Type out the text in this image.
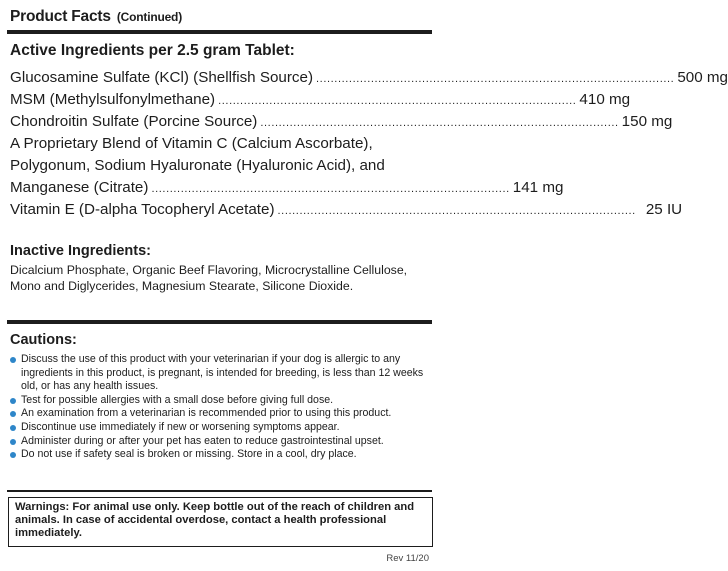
Product Facts (Continued)
Active Ingredients per 2.5 gram Tablet:
Glucosamine Sulfate (KCl) (Shellfish Source) .................................................................................................. 500 mg
MSM (Methylsulfonylmethane) .................................................................................................. 410 mg
Chondroitin Sulfate (Porcine Source) .................................................................................................. 150 mg
A Proprietary Blend of Vitamin C (Calcium Ascorbate),
Polygonum, Sodium Hyaluronate (Hyaluronic Acid), and
Manganese (Citrate) .................................................................................................. 141 mg
Vitamin E (D-alpha Tocopheryl Acetate) .................................................................................................. 25 IU
Inactive Ingredients:
Dicalcium Phosphate, Organic Beef Flavoring, Microcrystalline Cellulose, Mono and Diglycerides, Magnesium Stearate, Silicone Dioxide.
Cautions:
Discuss the use of this product with your veterinarian if your dog is allergic to any ingredients in this product, is pregnant, is intended for breeding, is less than 12 weeks old, or has any health issues.
Test for possible allergies with a small dose before giving full dose.
An examination from a veterinarian is recommended prior to using this product.
Discontinue use immediately if new or worsening symptoms appear.
Administer during or after your pet has eaten to reduce gastrointestinal upset.
Do not use if safety seal is broken or missing. Store in a cool, dry place.
Warnings: For animal use only. Keep bottle out of the reach of children and animals. In case of accidental overdose, contact a health professional immediately.
Rev 11/20
